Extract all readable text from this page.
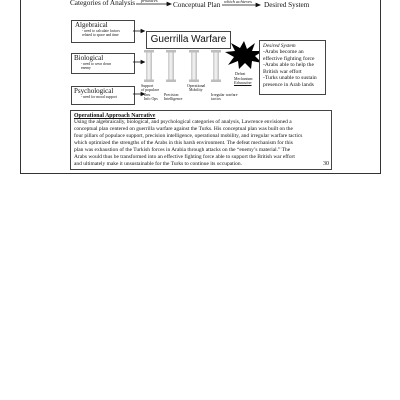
Categories of Analysis produces
Conceptual Plan which achieves Desired System
Algebraical
- need to calculate factors
related to space and time
Biological
- need to wear down
enemy
Psychological
- need for moral support
Guerrilla Warfare
Support
of populace
thru
Info Ops

Precision
Intelligence
Operational
Mobility

Irregular warfare
tactics
Defeat
Mechanism:
Exhaustion
Desired System
-Arabs become an
effective fighting force
-Arabs able to help the
British war effort
-Turks unable to sustain
presence in Arab lands
Operational Approach Narrative
Using the algebraically, biological, and psychological categories of analysis, Lawrence envisioned a
conceptual plan centered on guerrilla warfare against the Turks. His conceptual plan was built on the
four pillars of populace support, precision intelligence, operational mobility, and irregular warfare tactics
which optimized the strengths of the Arabs in this harsh environment. The defeat mechanism for this
plan was exhaustion of the Turkish forces in Arabia through attacks on the “enemy’s material.” The
Arabs would thus be transformed into an effective fighting force able to support the British war effort
and ultimately make it unsustainable for the Turks to continue its occupation.	30
